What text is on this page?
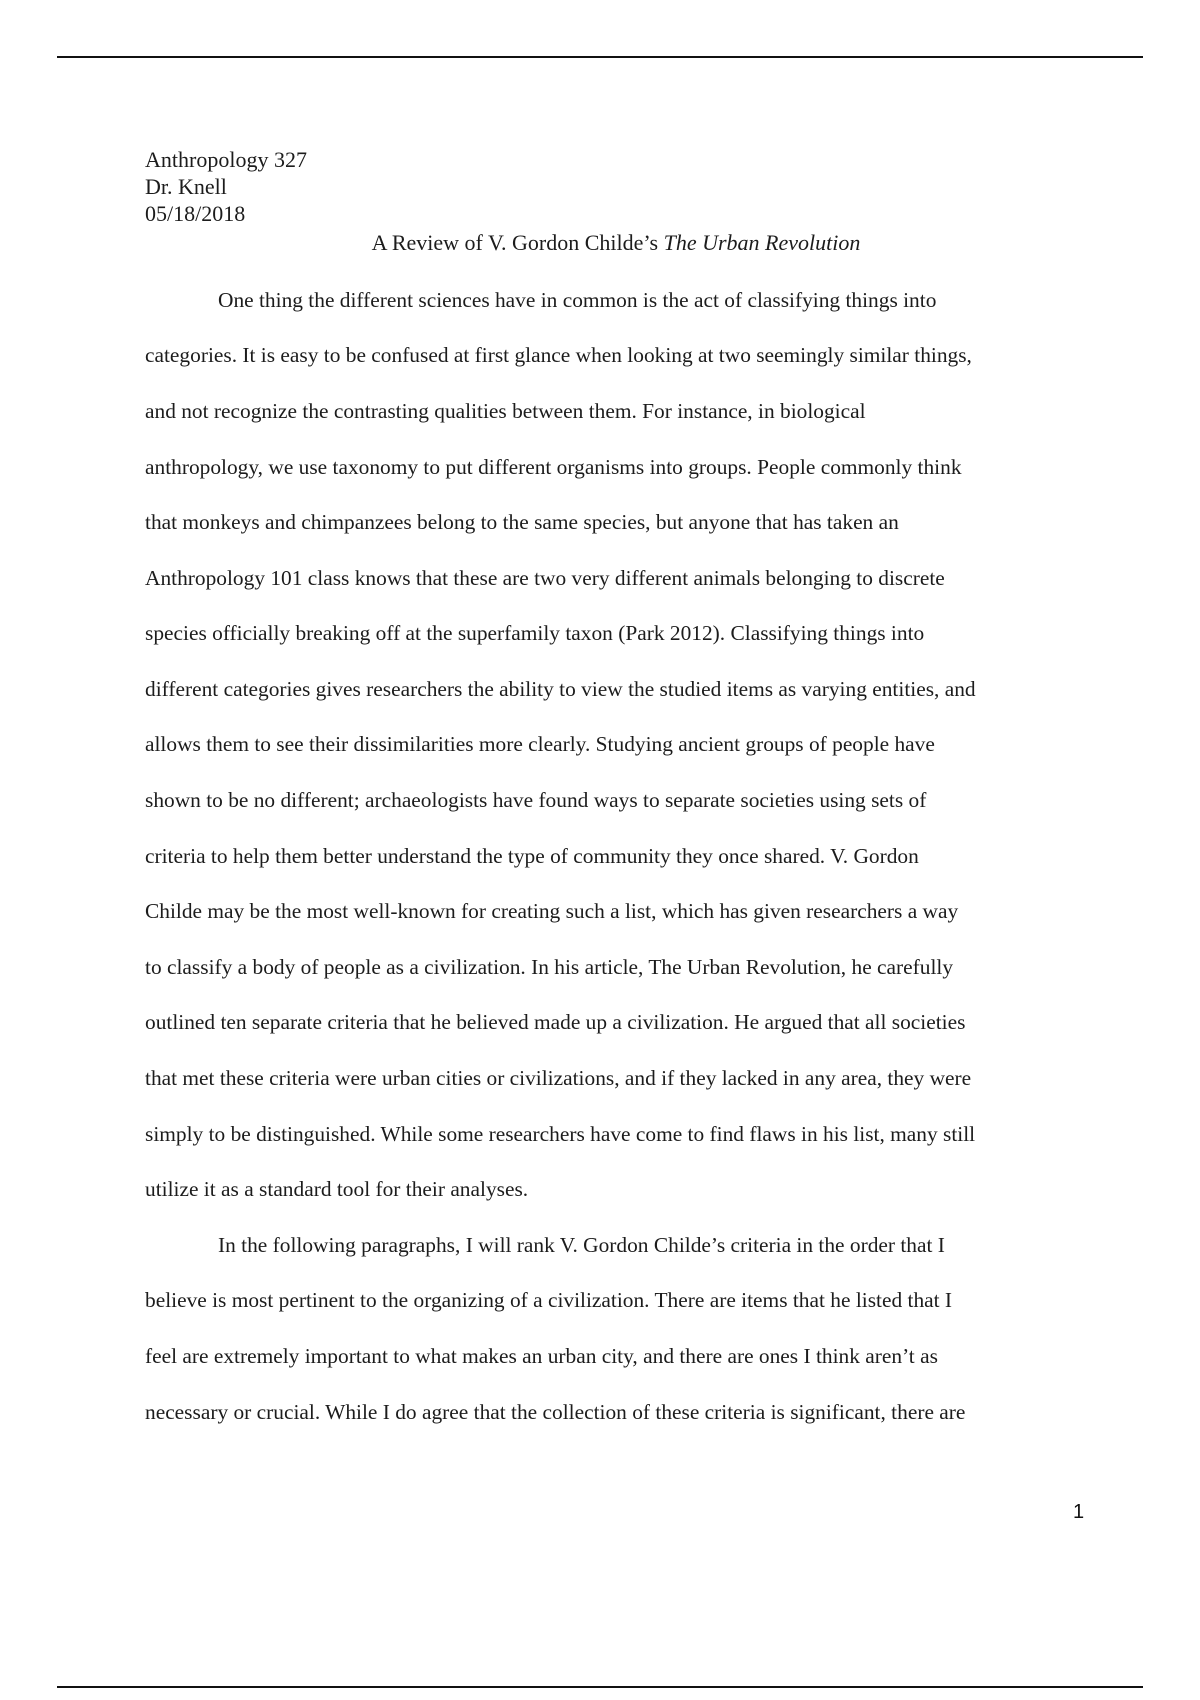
Anthropology 327
Dr. Knell
05/18/2018
A Review of V. Gordon Childe’s The Urban Revolution
One thing the different sciences have in common is the act of classifying things into
categories. It is easy to be confused at first glance when looking at two seemingly similar things,
and not recognize the contrasting qualities between them. For instance, in biological
anthropology, we use taxonomy to put different organisms into groups. People commonly think
that monkeys and chimpanzees belong to the same species, but anyone that has taken an
Anthropology 101 class knows that these are two very different animals belonging to discrete
species officially breaking off at the superfamily taxon (Park 2012). Classifying things into
different categories gives researchers the ability to view the studied items as varying entities, and
allows them to see their dissimilarities more clearly. Studying ancient groups of people have
shown to be no different; archaeologists have found ways to separate societies using sets of
criteria to help them better understand the type of community they once shared. V. Gordon
Childe may be the most well-known for creating such a list, which has given researchers a way
to classify a body of people as a civilization. In his article, The Urban Revolution, he carefully
outlined ten separate criteria that he believed made up a civilization. He argued that all societies
that met these criteria were urban cities or civilizations, and if they lacked in any area, they were
simply to be distinguished. While some researchers have come to find flaws in his list, many still
utilize it as a standard tool for their analyses.
In the following paragraphs, I will rank V. Gordon Childe’s criteria in the order that I
believe is most pertinent to the organizing of a civilization. There are items that he listed that I
feel are extremely important to what makes an urban city, and there are ones I think aren’t as
necessary or crucial. While I do agree that the collection of these criteria is significant, there are
1
